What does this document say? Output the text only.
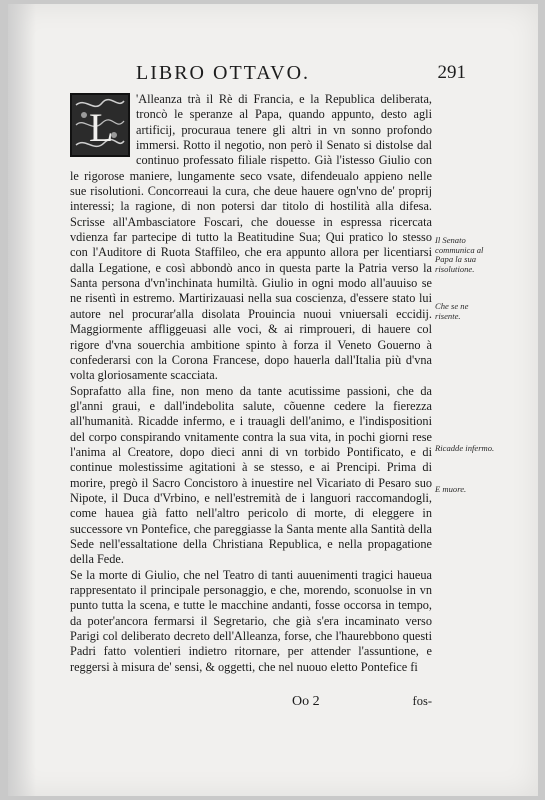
LIBRO OTTAVO.	291

L
'Alleanza trà il Rè di Francia, e la Republica deliberata, troncò le speranze al Papa, quando appunto, desto agli artificij, procuraua tenere gli altri in vn sonno profondo immersi. Rotto il negotio, non però il Senato si distolse dal continuo professato filiale rispetto. Già l'istesso Giulio con le rigorose maniere, lungamente seco vsate, difendeualo appieno nelle sue risolutioni. Concorreaui la cura, che deue hauere ogn'vno de' proprij interessi; la ragione, di non potersi dar titolo di hostilità alla difesa. Scrisse all'Ambasciatore Foscari, che douesse in espressa ricercata vdienza far partecipe di tutto la Beatitudine Sua; Qui pratico lo stesso con l'Auditore di Ruota Staffileo, che era appunto allora per licentiarsi dalla Legatione, e così abbondò anco in questa parte la Patria verso la Santa persona d'vn'inchinata humiltà. Giulio in ogni modo all'auuiso se ne risentì in estremo. Martirizauasi nella sua coscienza, d'essere stato lui autore nel procurar'alla disolata Prouincia nuoui vniuersali eccidij. Maggiormente affliggeuasi alle voci, & ai rimproueri, di hauere col rigore d'vna souerchia ambitione spinto à forza il Veneto Gouerno à confederarsi con la Corona Francese, dopo hauerla dall'Italia più d'vna volta gloriosamente scacciata.

Soprafatto alla fine, non meno da tante acutissime passioni, che da gl'anni graui, e dall'indebolita salute, cõuenne cedere la fierezza all'humanità. Ricadde infermo, e i trauagli dell'animo, e l'indispositioni del corpo conspirando vnitamente contra la sua vita, in pochi giorni rese l'anima al Creatore, dopo dieci anni di vn torbido Pontificato, e di continue molestissime agitationi à se stesso, e ai Prencipi. Prima di morire, pregò il Sacro Concistoro à inuestire nel Vicariato di Pesaro suo Nipote, il Duca d'Vrbino, e nell'estremità de i languori raccomandogli, come hauea già fatto nell'altro pericolo di morte, di eleggere in successore vn Pontefice, che pareggiasse la Santa mente alla Santità della Sede nell'essaltatione della Christiana Republica, e nella propagatione della Fede.

Se la morte di Giulio, che nel Teatro di tanti auuenimenti tragici haueua rappresentato il principale personaggio, e che, morendo, sconuolse in vn punto tutta la scena, e tutte le macchine andanti, fosse occorsa in tempo, da poter'ancora fermarsi il Segretario, che già s'era incaminato verso Parigi col deliberato decreto dell'Alleanza, forse, che l'haurebbono questi Padri fatto volentieri indietro ritornare, per attender l'assuntione, e reggersi à misura de' sensi, & oggetti, che nel nuouo eletto Pontefice fi

Il Senato communica al Papa la sua risolutione.
Che se ne risente.
Ricadde infermo.
E muore.
Oo 2	fos-
